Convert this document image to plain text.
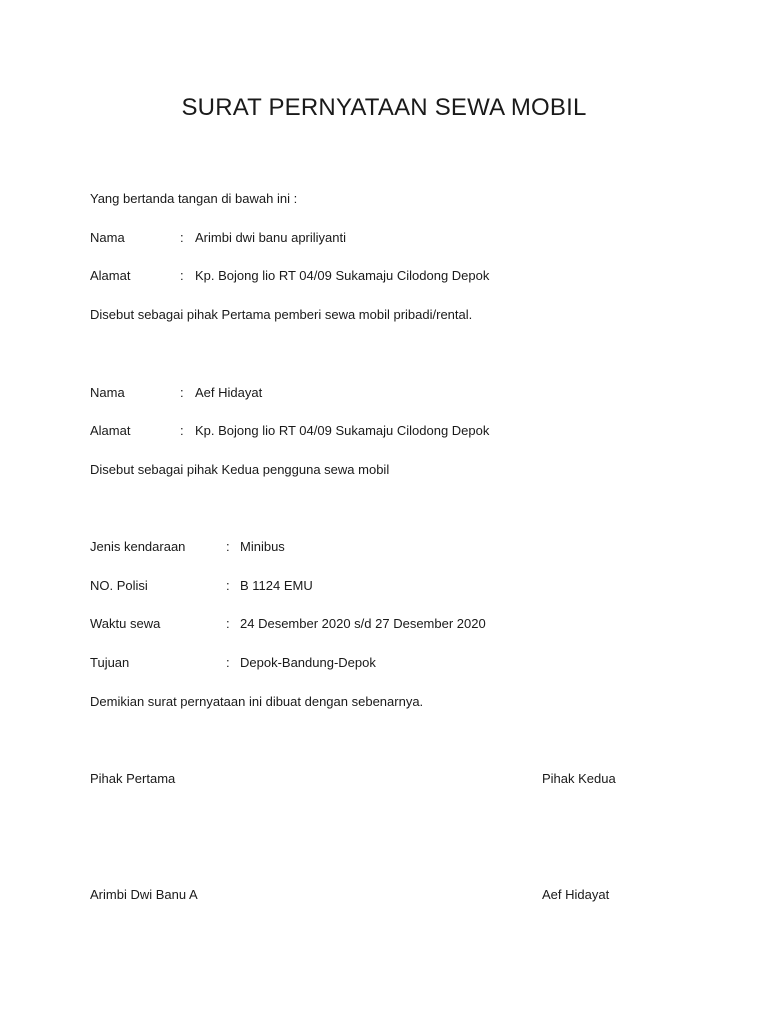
SURAT PERNYATAAN SEWA MOBIL
Yang bertanda tangan di bawah ini :
Nama	: Arimbi dwi banu apriliyanti
Alamat	: Kp. Bojong lio RT 04/09 Sukamaju Cilodong Depok
Disebut sebagai pihak Pertama pemberi sewa mobil pribadi/rental.
Nama	: Aef Hidayat
Alamat	: Kp. Bojong lio RT 04/09 Sukamaju Cilodong Depok
Disebut sebagai pihak Kedua pengguna sewa mobil
Jenis kendaraan	: Minibus
NO. Polisi	: B 1124 EMU
Waktu sewa	: 24 Desember 2020 s/d 27 Desember 2020
Tujuan	: Depok-Bandung-Depok
Demikian surat pernyataan ini dibuat dengan sebenarnya.
Pihak Pertama	Pihak Kedua
Arimbi Dwi Banu A	Aef Hidayat
